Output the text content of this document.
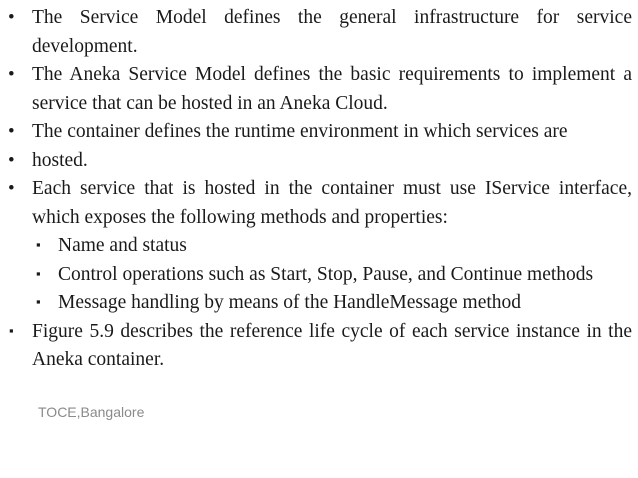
• The Service Model defines the general infrastructure for service development.
• The Aneka Service Model defines the basic requirements to implement a service that can be hosted in an Aneka Cloud.
• The container defines the runtime environment in which services are
• hosted.
• Each service that is hosted in the container must use IService interface, which exposes the following methods and properties:
▪ Name and status
▪ Control operations such as Start, Stop, Pause, and Continue methods
▪ Message handling by means of the HandleMessage method
▪ Figure 5.9 describes the reference life cycle of each service instance in the Aneka container.
TOCE,Bangalore
